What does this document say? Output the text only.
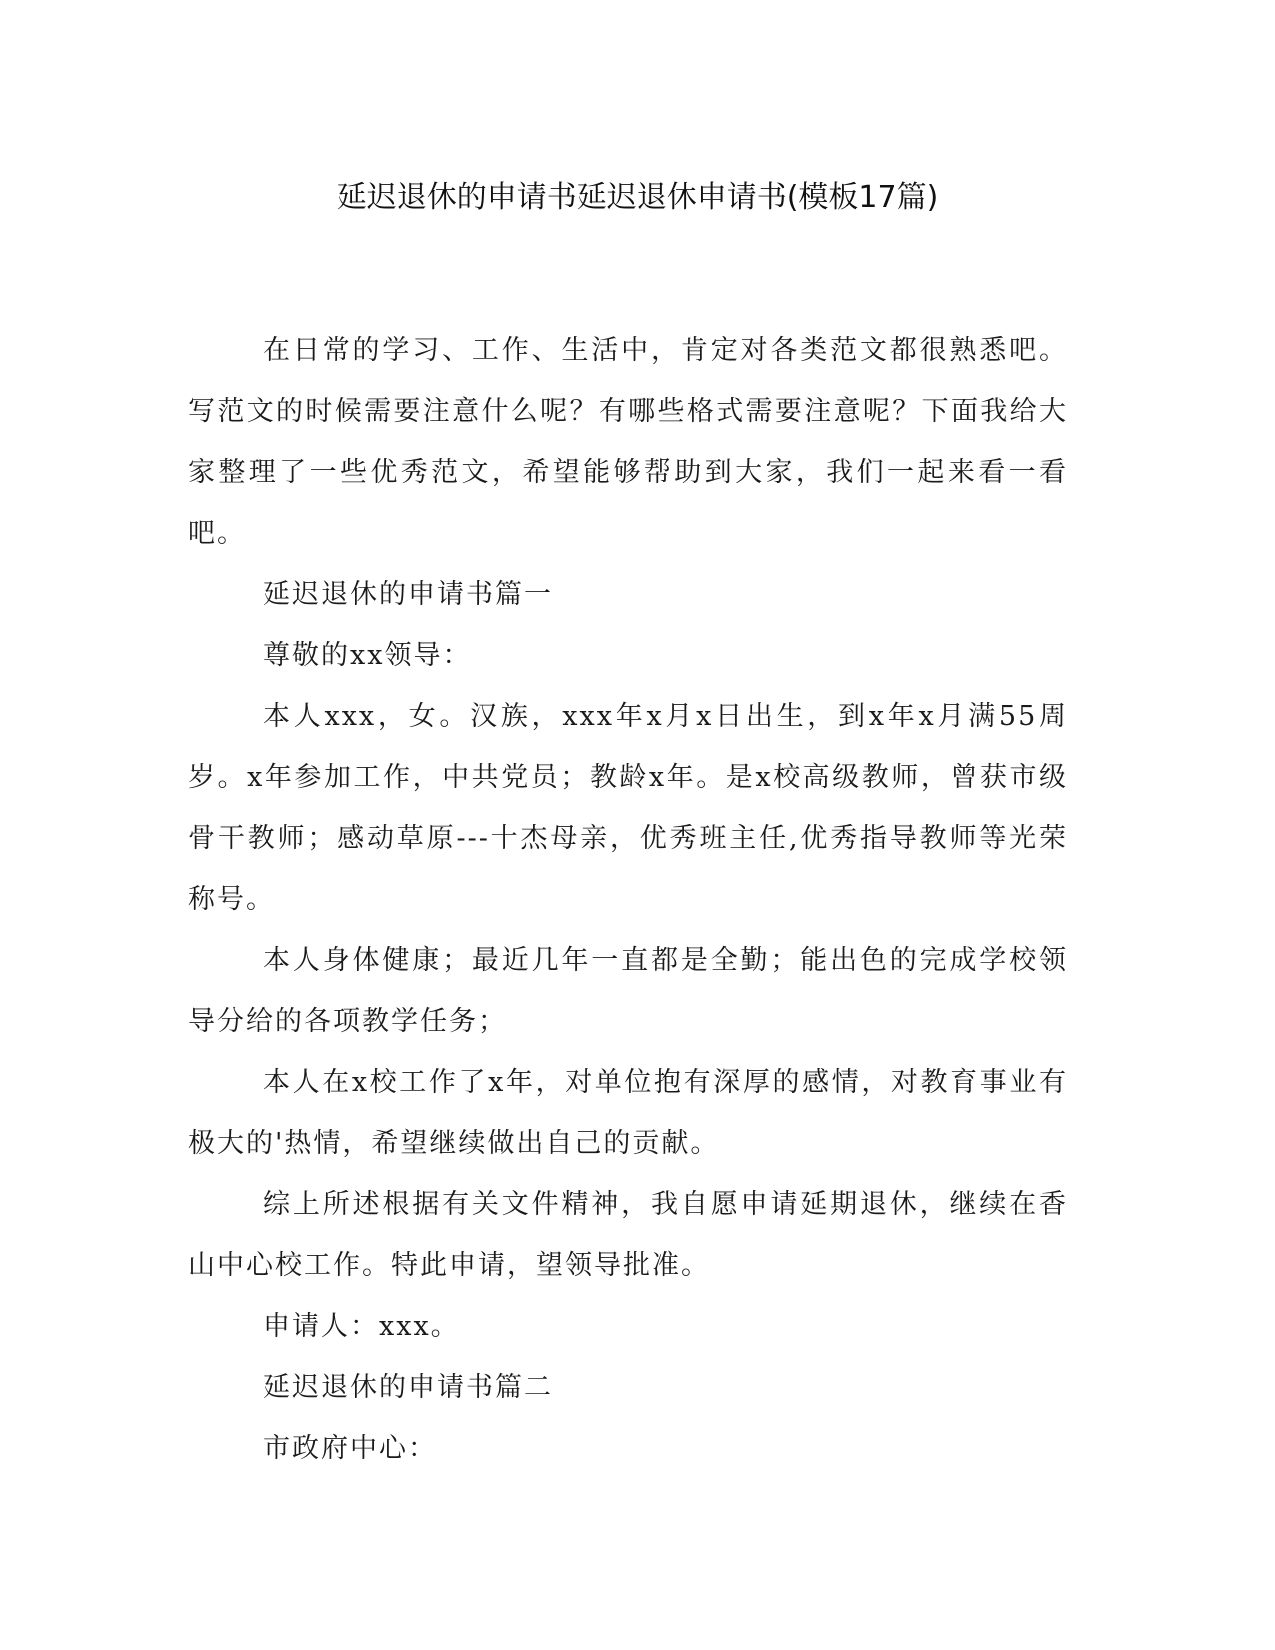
延迟退休的申请书延迟退休申请书(模板17篇)

在日常的学习、工作、生活中，肯定对各类范文都很熟悉吧。写范文的时候需要注意什么呢？有哪些格式需要注意呢？下面我给大家整理了一些优秀范文，希望能够帮助到大家，我们一起来看一看吧。

延迟退休的申请书篇一

尊敬的xx领导：

本人xxx，女。汉族，xxx年x月x日出生，到x年x月满55周岁。x年参加工作，中共党员；教龄x年。是x校高级教师，曾获市级骨干教师；感动草原---十杰母亲，优秀班主任,优秀指导教师等光荣称号。

本人身体健康；最近几年一直都是全勤；能出色的完成学校领导分给的各项教学任务；

本人在x校工作了x年，对单位抱有深厚的感情，对教育事业有极大的'热情，希望继续做出自己的贡献。

综上所述根据有关文件精神，我自愿申请延期退休，继续在香山中心校工作。特此申请，望领导批准。

申请人：xxx。

延迟退休的申请书篇二

市政府中心：
